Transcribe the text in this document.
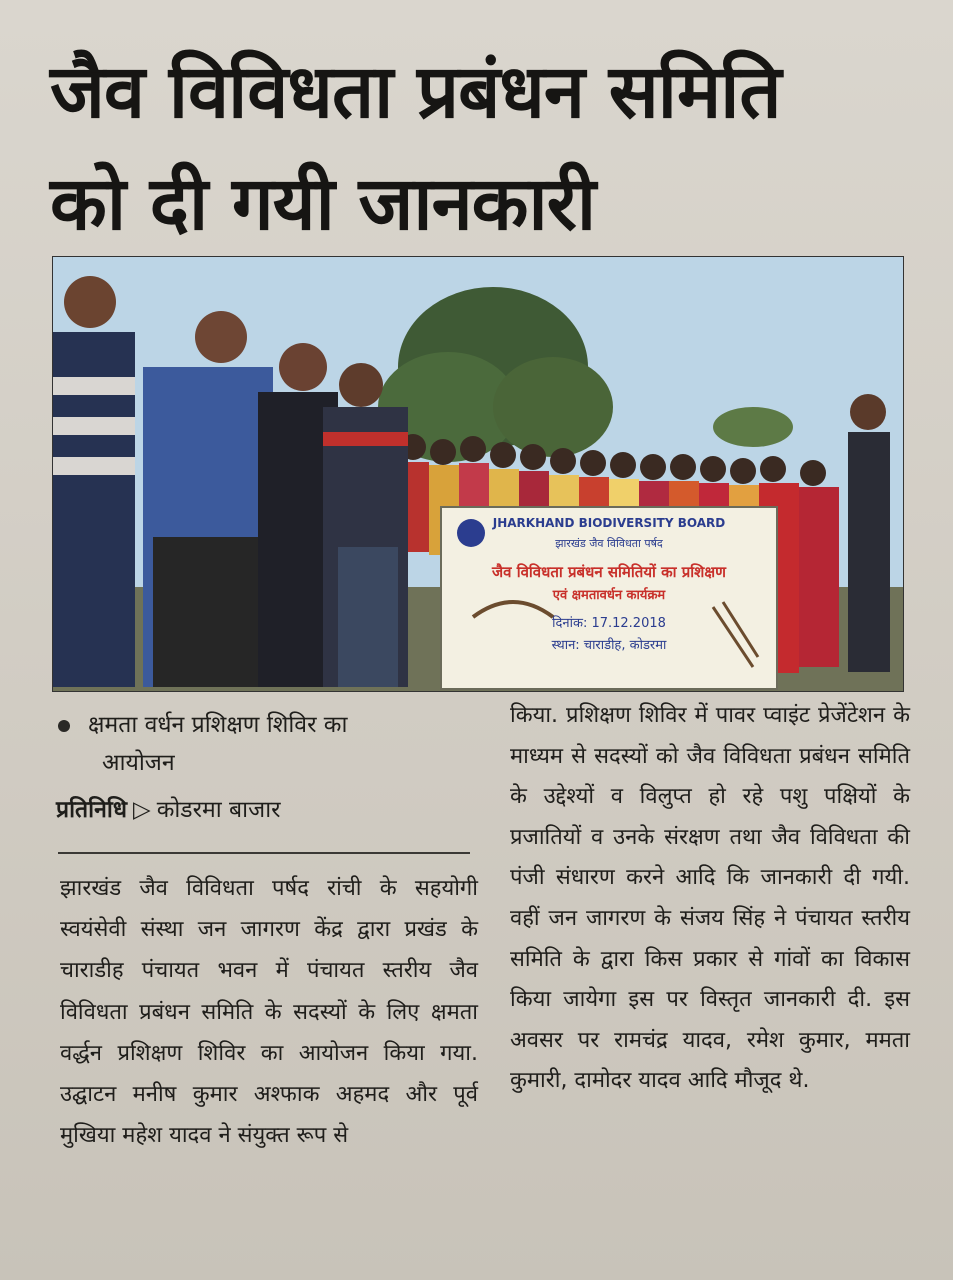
जैव विविधता प्रबंधन समिति
को दी गयी जानकारी
JHARKHAND BIODIVERSITY BOARD
झारखंड जैव विविधता पर्षद
जैव विविधता प्रबंधन समितियों का प्रशिक्षण
एवं क्षमतावर्धन कार्यक्रम
दिनांक: 17.12.2018
स्थान: चाराडीह, कोडरमा
क्षमता वर्धन प्रशिक्षण शिविर का
आयोजन
प्रतिनिधि ▷ कोडरमा बाजार

झारखंड जैव विविधता पर्षद रांची के सहयोगी स्वयंसेवी संस्था जन जागरण केंद्र द्वारा प्रखंड के चाराडीह पंचायत भवन में पंचायत स्तरीय जैव विविधता प्रबंधन समिति के सदस्यों के लिए क्षमता वर्द्धन प्रशिक्षण शिविर का आयोजन किया गया. उद्घाटन मनीष कुमार अश्फाक अहमद और पूर्व मुखिया महेश यादव ने संयुक्त रूप से

किया. प्रशिक्षण शिविर में पावर प्वाइंट प्रेजेंटेशन के माध्यम से सदस्यों को जैव विविधता प्रबंधन समिति के उद्देश्यों व विलुप्त हो रहे पशु पक्षियों के प्रजातियों व उनके संरक्षण तथा जैव विविधता की पंजी संधारण करने आदि कि जानकारी दी गयी. वहीं जन जागरण के संजय सिंह ने पंचायत स्तरीय समिति के द्वारा किस प्रकार से गांवों का विकास किया जायेगा इस पर विस्तृत जानकारी दी. इस अवसर पर रामचंद्र यादव, रमेश कुमार, ममता कुमारी, दामोदर यादव आदि मौजूद थे.
